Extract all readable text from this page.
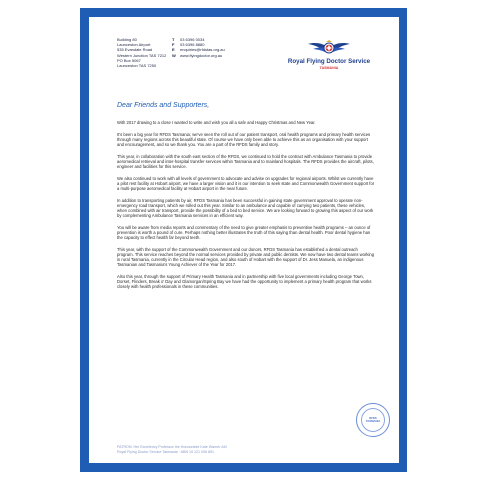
Building 80
Launceston Airport
535 Evandale Road
Western Junction TAS 7212
PO Box 5067
Launceston TAS 7250
T 03 6396 0034
F 03 6396 8880
E enquiries@rfdstas.org.au
W www.flyingdoctor.org.au
Royal Flying Doctor Service
TASMANIA
Dear Friends and Supporters,

With 2017 drawing to a close I wanted to write and wish you all a safe and Happy Christmas and New Year.

It's been a big year for RFDS Tasmania; we've seen the roll out of our patient transport, oral health programs and primary health services through many regions across this beautiful state. Of course we have only been able to achieve this as an organisation with your support and encouragement, and so we thank you. You are a part of the RFDS family and story.

This year, in collaboration with the south east section of the RFDS, we continued to hold the contract with Ambulance Tasmania to provide aeromedical retrieval and inter-hospital transfer services within Tasmania and to mainland hospitals. The RFDS provides the aircraft, pilots, engineer and facilities for this service.

We also continued to work with all levels of government to advocate and advise on upgrades for regional airports. Whilst we currently have a pilot rest facility at Hobart airport, we have a larger vision and it is our intention to seek state and Commonwealth Government support for a multi-purpose aeromedical facility at Hobart airport in the near future.

In addition to transporting patients by air, RFDS Tasmania has been successful in gaining state government approval to operate non-emergency road transport, which we rolled out this year. Similar to an ambulance and capable of carrying two patients, these vehicles, when combined with air transport, provide the possibility of a bed to bed service. We are looking forward to growing this aspect of our work by complementing Ambulance Tasmania services in an efficient way.

You will be aware from media reports and commentary of the need to give greater emphasis to preventive health programs – an ounce of prevention is worth a pound of cure. Perhaps nothing better illustrates the truth of this saying than dental health. Poor dental hygiene has the capacity to effect health far beyond teeth.

This year, with the support of the Commonwealth Government and our donors, RFDS Tasmania has established a dental outreach program. This service reaches beyond the normal services provided by private and public dentists. We now have two dental teams working in rural Tasmania, currently in the Circular Head region, and also south of Hobart with the support of Dr. Jess Manuela, an indigenous Tasmanian and Tasmania's Young Achiever of the Year for 2017.

Also this year, through the support of Primary Health Tasmania and in partnership with five local governments including George Town, Dorset, Flinders, Break o' Day and Glamorgan/Spring Bay we have had the opportunity to implement a primary health program that works closely with health professionals in these communities.

RFDS TASMANIA
PATRON: Her Excellency Professor the Honourable Kate Warner AM
Royal Flying Doctor Service Tasmania · ABN 19 121 006 891
